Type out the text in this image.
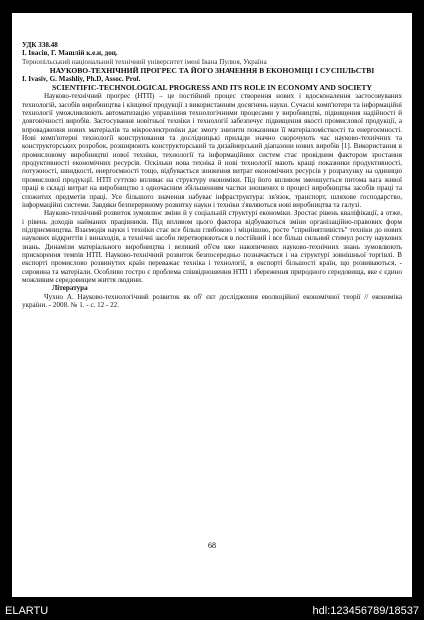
УДК 338.48

І. Івасів, Г. Машлій к.е.н, доц.

Тернопільський національний технічний університет імені Івана Пулюя, Україна

НАУКОВО-ТЕХНІЧНИЙ ПРОГРЕС ТА ЙОГО ЗНАЧЕННЯ В ЕКОНОМІЦІ І СУСПІЛЬСТВІ

I. Ivasiv, G. Mashliy, Ph.D, Assoc. Prof.

SCIENTIFIC-TECHNOLOGICAL PROGRESS AND ITS ROLE IN ECONOMY AND SOCIETY

Науково-технічний прогрес (НТП) – це постійний процес створення нових і вдосконалення застосовуваних технологій, засобів виробництва і кінцевої продукції з використанням досягнень науки. Сучасні комп'ютери та інформаційні технології уможливлюють автоматизацію управління технологічними процесами у виробництві, підвищення надійності й довговічності виробів. Застосування новітньої техніки і технології забезпечує підвищення якості промислової продукції, а впровадження нових матеріалів та мікроелектроніки дає змогу знизити показники її матеріаломісткості та енергоємності. Нові комп'ютерні технології конструювання та дослідницькі прилади значно скорочують час науково-технічних та конструкторських розробок, розширюють конструкторський та дизайнерський діапазони нових виробів [1]. Використання в промисловому виробництві нової техніки, технології та інформаційних систем стає провідним фактором зростання продуктивності економічних ресурсів. Оскільки нова техніка й нові технології мають кращі показники продуктивності, потужності, швидкості, енергоємності тощо, відбувається зниження витрат економічних ресурсів у розрахунку на одиницю промислової продукції. НТП суттєво впливає на структуру економіки. Під його впливом зменшується питома вага живої праці в складі витрат на виробництво з одночасним збільшенням частки зношених в процесі виробництва засобів праці та спожитих предметів праці. Усе більшого значення набуває інфраструктура: зв'язок, транспорт, шляхове господарство, інформаційні системи. Завдяки безперервному розвитку науки і техніки з'являються нові виробництва та галузі.

Науково-технічний розвиток зумовлює зміни й у соціальній структурі економіки. Зростає рівень кваліфікації, а отже, і рівень доходів найманих працівників. Під впливом цього фактора відбуваються зміни організаційно-правових форм підприємництва. Взаємодія науки і техніки стає все більш глибокою і міцнішою, росте "сприйнятливість" техніки до нових наукових відкриттів і винаходів, а технічні засоби перетворюються в постійний і все більш сильний стимул росту наукових знань. Динамізм матеріального виробництва і великий об'єм вже накопичених науково-технічних знань зумовлюють прискорення темпів НТП. Науково-технічний розвиток безпосередньо позначається і на структурі зовнішньої торгівлі. В експорті промислово розвинутих країн переважає техніка і технології, в експорті більшості країн, що розвиваються, - сировина та матеріали. Особливо гостро є проблема співвідношення НТП і збереження природного середовища, яке є єдино можливим середовищем життя людини.

Література

Чухно А. Науково-технологічний розвиток як об' єкт дослідження еволюційної економічної теорії // економіка україни. - 2008. № 1. - с. 12 - 22.

68
ELARTU	hdl:123456789/18537
